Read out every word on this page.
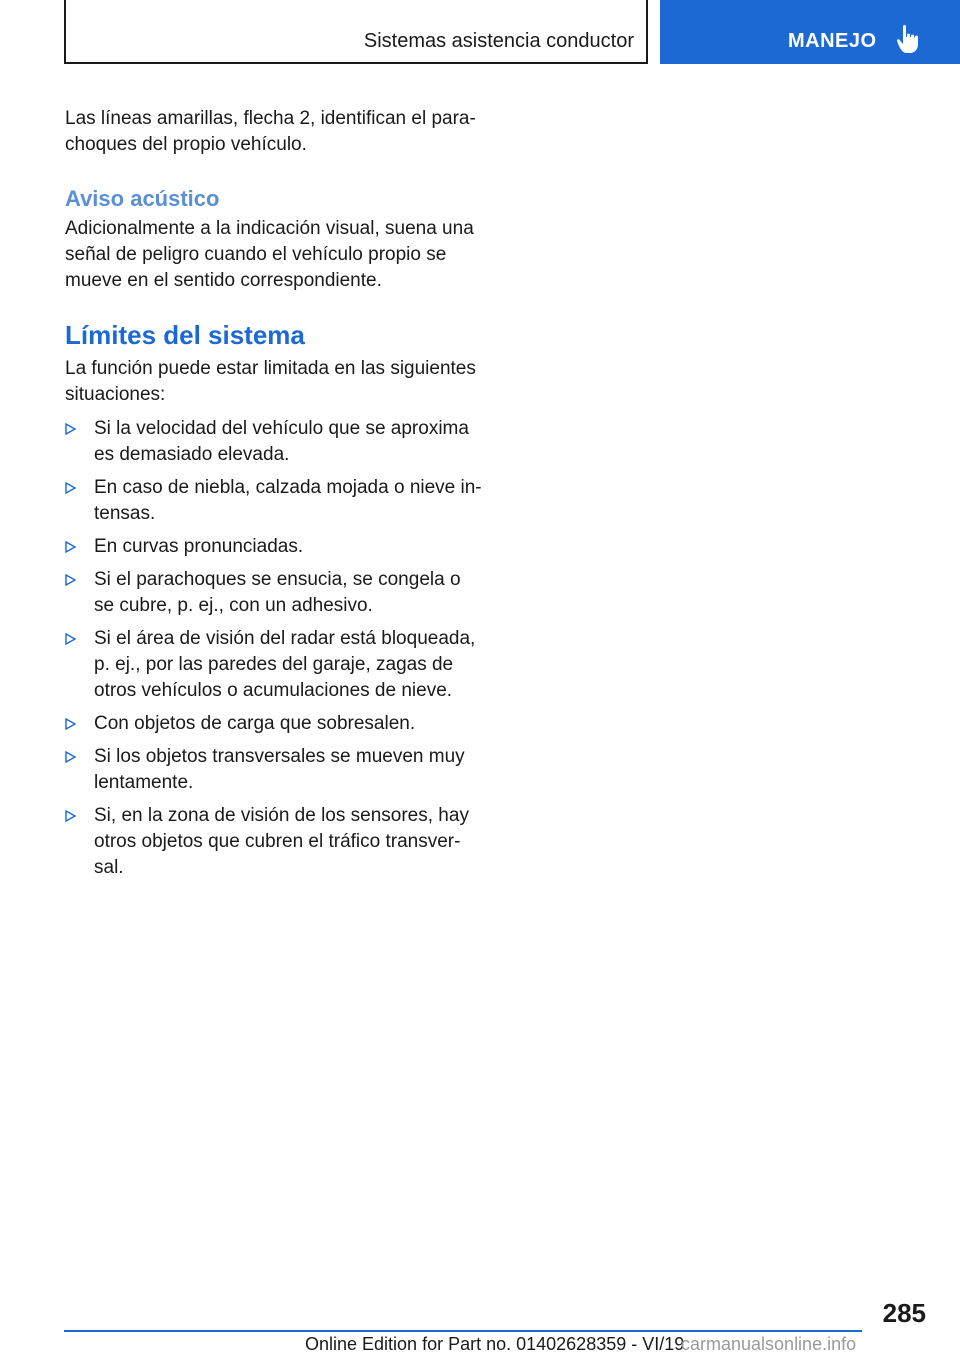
Sistemas asistencia conductor	MANEJO

Las líneas amarillas, flecha 2, identifican el para- choques del propio vehículo.

Aviso acústico

Adicionalmente a la indicación visual, suena una señal de peligro cuando el vehículo propio se mueve en el sentido correspondiente.

Límites del sistema

La función puede estar limitada en las siguientes situaciones:

Si la velocidad del vehículo que se aproxima es demasiado elevada.
En caso de niebla, calzada mojada o nieve in- tensas.
En curvas pronunciadas.
Si el parachoques se ensucia, se congela o se cubre, p. ej., con un adhesivo.
Si el área de visión del radar está bloqueada, p. ej., por las paredes del garaje, zagas de otros vehículos o acumulaciones de nieve.
Con objetos de carga que sobresalen.
Si los objetos transversales se mueven muy lentamente.
Si, en la zona de visión de los sensores, hay otros objetos que cubren el tráfico transver- sal.
285
Online Edition for Part no. 01402628359 - VI/19
carmanualsonline.info
